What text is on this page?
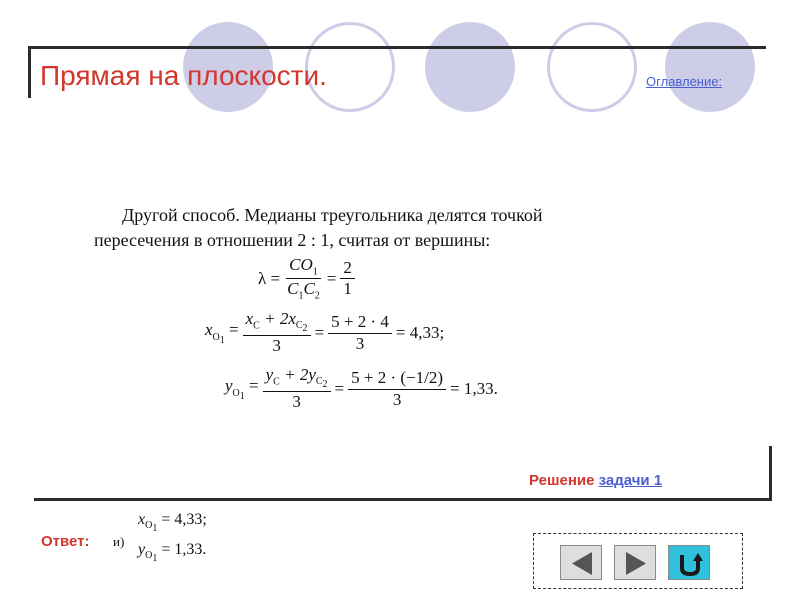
Прямая на плоскости.	Оглавление:
Другой способ. Медианы треугольника делятся точкой
пересечения в отношении 2 : 1, считая от вершины:
$\lambda = \frac{CO_1}{C_1C_2} = \frac{2}{1}$
$x_{O_1} = \frac{x_C + 2x_{C_2}}{3} = \frac{5 + 2 \cdot 4}{3} = 4,33$;
$y_{O_1} = \frac{y_C + 2y_{C_2}}{3} = \frac{5 + 2 \cdot (-1/2)}{3} = 1,33$.
Решение задачи 1
Ответ: и)
$x_{O_1} = 4,33$;
$y_{O_1} = 1,33$.
